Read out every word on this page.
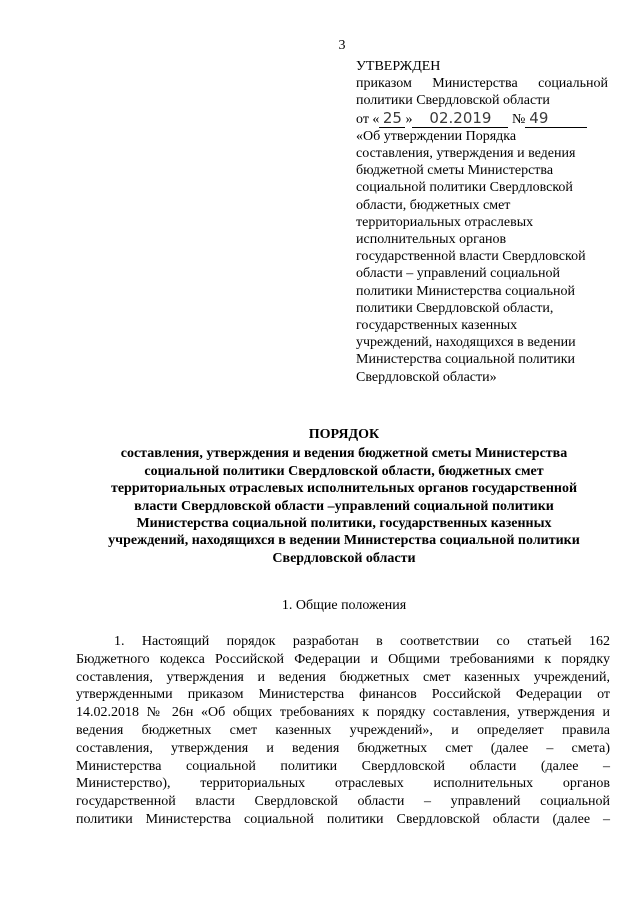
3
УТВЕРЖДЕН
приказом Министерства социальной
политики Свердловской области
от « 25 » 02.2019 № 49
«Об утверждении Порядка
составления, утверждения и ведения
бюджетной сметы Министерства
социальной политики Свердловской
области, бюджетных смет
территориальных отраслевых
исполнительных органов
государственной власти Свердловской
области – управлений социальной
политики Министерства социальной
политики Свердловской области,
государственных казенных
учреждений, находящихся в ведении
Министерства социальной политики
Свердловской области»
ПОРЯДОК
составления, утверждения и ведения бюджетной сметы Министерства
социальной политики Свердловской области, бюджетных смет
территориальных отраслевых исполнительных органов государственной
власти Свердловской области –управлений социальной политики
Министерства социальной политики, государственных казенных
учреждений, находящихся в ведении Министерства социальной политики
Свердловской области
1. Общие положения
1. Настоящий порядок разработан в соответствии со статьей 162
Бюджетного кодекса Российской Федерации и Общими требованиями к порядку
составления, утверждения и ведения бюджетных смет казенных учреждений,
утвержденными приказом Министерства финансов Российской Федерации от
14.02.2018 № 26н «Об общих требованиях к порядку составления, утверждения и
ведения бюджетных смет казенных учреждений», и определяет правила
составления, утверждения и ведения бюджетных смет (далее – смета)
Министерства социальной политики Свердловской области (далее –
Министерство), территориальных отраслевых исполнительных органов
государственной власти Свердловской области – управлений социальной
политики Министерства социальной политики Свердловской области (далее –
